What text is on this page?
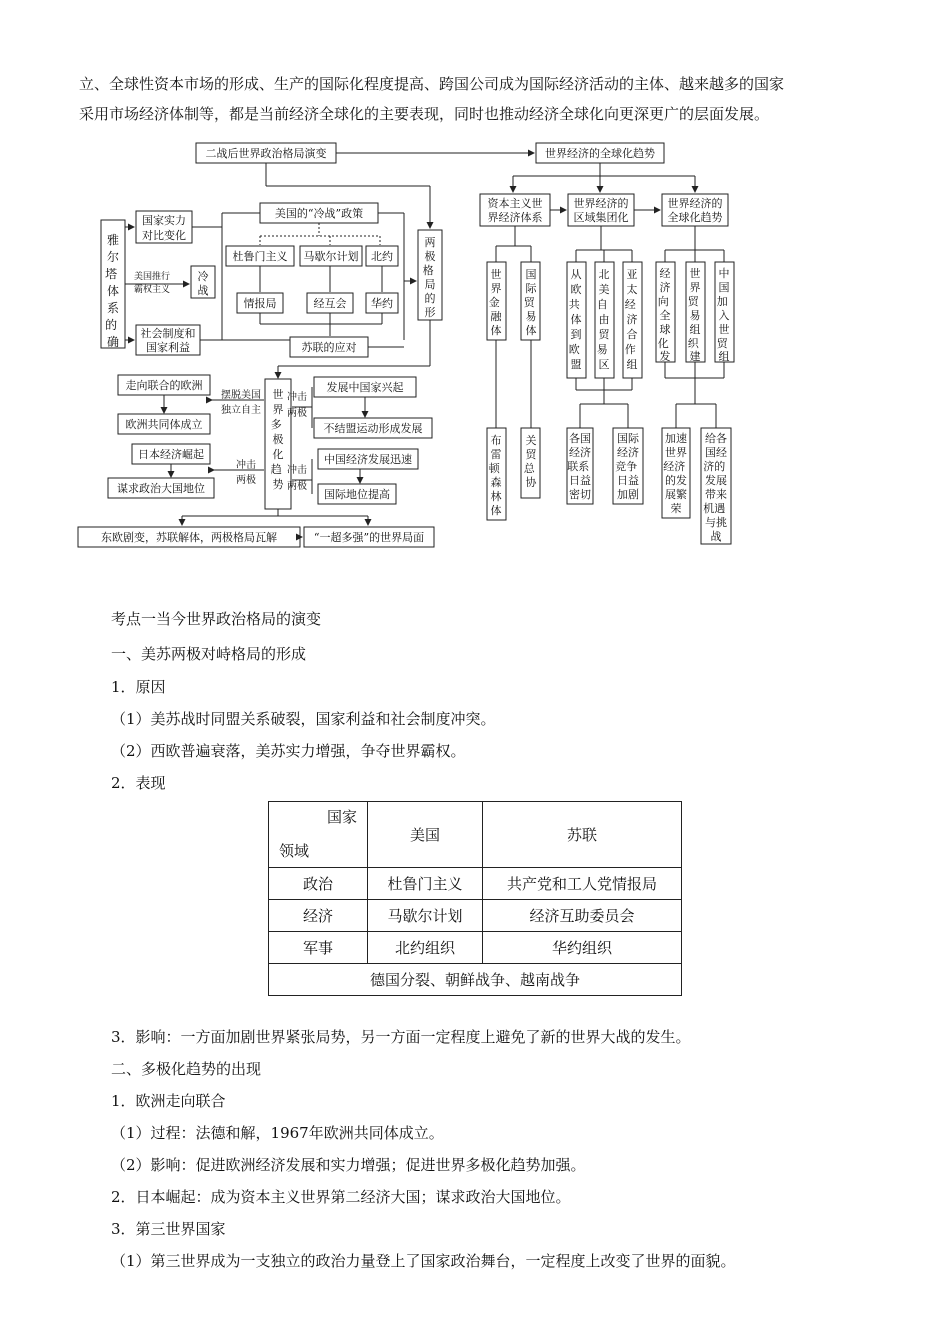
立、全球性资本市场的形成、生产的国际化程度提高、跨国公司成为国际经济活动的主体、越来越多的国家
采用市场经济体制等，都是当前经济全球化的主要表现，同时也推动经济全球化向更深更广的层面发展。
二战后世界政治格局演变	世界经济的全球化趋势
雅尔塔 体系的 确
国家实力
对比变化
美国推行
霸权主义
冷战
社会制度和
国家利益
美国的“冷战”政策
杜鲁门主义 马歇尔计划 北约
情报局	经互会 华约
苏联的应对
两极格 局的形
世界多 极化趋 势
走向联合的欧洲
欧洲共同体成立
摆脱美国
独立自主
日本经济崛起
谋求政治大国地位
冲击
两极
发展中国家兴起
不结盟运动形成发展
冲击
两极
中国经济发展迅速
国际地位提高
冲击
两极
东欧剧变，苏联解体，两极格局瓦解	“一超多强”的世界局面
资本主义世
界经济体系
世界经济的
区域集团化
世界经济的
全球化趋势
世界金 融体
国际贸 易体
布雷顿 森林体
关贸总 协
从欧共 体到欧 盟
北美自 由贸易 区
亚太经 济合作 组
各国经济联系 日益密切
国际经济竞争 日益加剧
经济向 全球化 发
世界贸 易组织 建
中国加 入世贸 组
加速世界经济 的发展繁荣
给各国经济的 发展带来机遇 与挑战
考点一当今世界政治格局的演变
一、美苏两极对峙格局的形成
1．原因
（1）美苏战时同盟关系破裂，国家利益和社会制度冲突。
（2）西欧普遍衰落，美苏实力增强，争夺世界霸权。
2．表现
国家
领域	美国	苏联
政治	杜鲁门主义	共产党和工人党情报局
经济	马歇尔计划	经济互助委员会
军事	北约组织	华约组织
德国分裂、朝鲜战争、越南战争		
3．影响：一方面加剧世界紧张局势，另一方面一定程度上避免了新的世界大战的发生。
二、多极化趋势的出现
1．欧洲走向联合
（1）过程：法德和解，1967年欧洲共同体成立。
（2）影响：促进欧洲经济发展和实力增强；促进世界多极化趋势加强。
2．日本崛起：成为资本主义世界第二经济大国；谋求政治大国地位。
3．第三世界国家
（1）第三世界成为一支独立的政治力量登上了国家政治舞台，一定程度上改变了世界的面貌。
